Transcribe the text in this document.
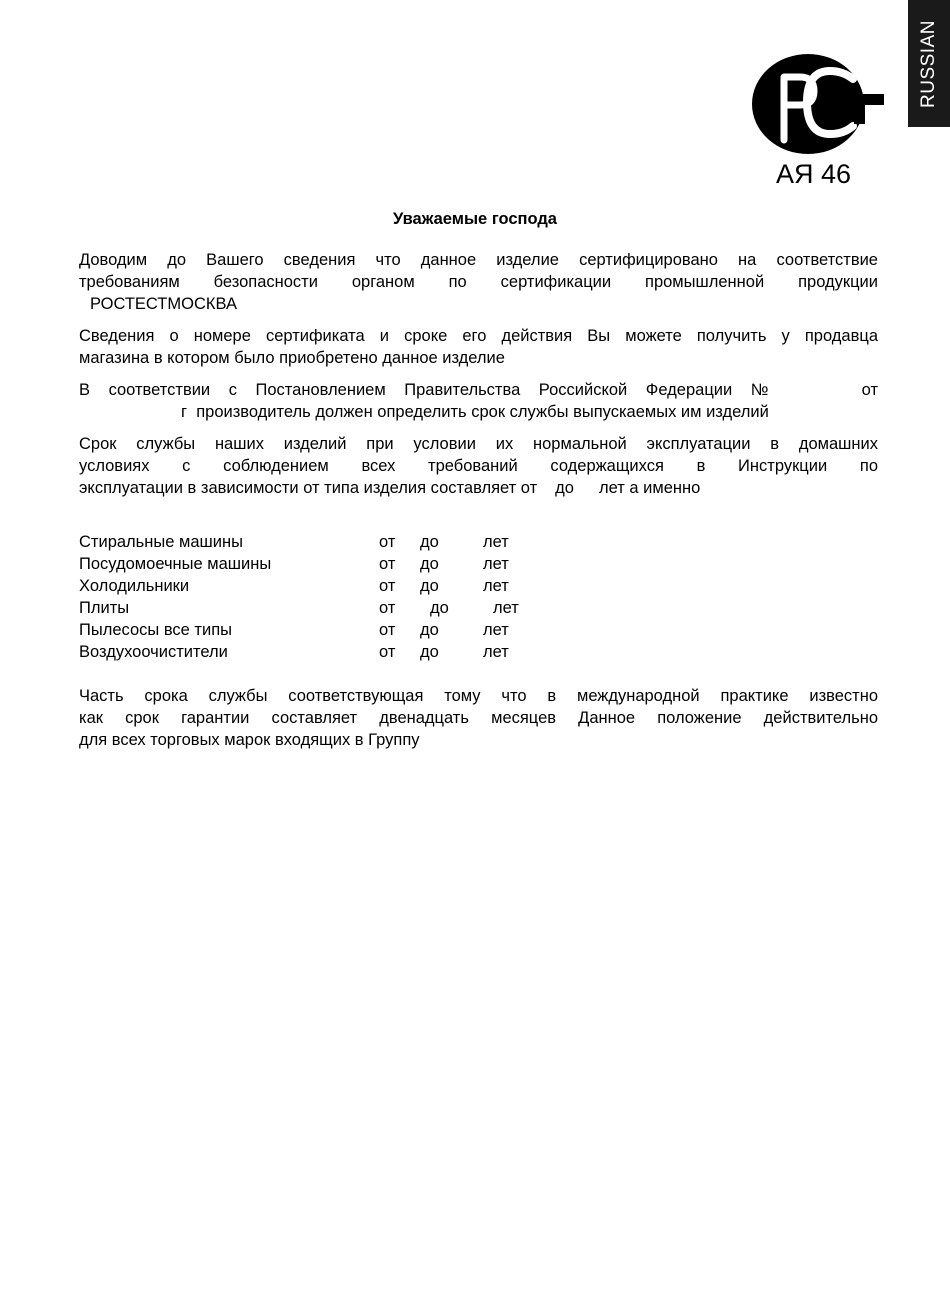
RUSSIAN
АЯ 46
Уважаемые господа
Доводим до Вашего сведения что данное изделие сертифицировано на соответствие
требованиям безопасности органом по сертификации промышленной продукции
РОСТЕСТМОСКВА
Сведения о номере сертификата и сроке его действия Вы можете получить у продавца
магазина в котором было приобретено данное изделие
В соответствии с Постановлением Правительства Российской Федерации №	от
г производитель должен определить срок службы выпускаемых им изделий
Срок службы наших изделий при условии их нормальной эксплуатации в домашних
условиях с соблюдением всех требований содержащихся в Инструкции по
эксплуатации в зависимости от типа изделия составляет от до лет а именно
Стиральные машины	от	до	лет
Посудомоечные машины	от	до	лет
Холодильники	от	до	лет
Плиты	от	до	лет
Пылесосы все типы	от	до	лет
Воздухоочистители	от	до	лет
Часть срока службы соответствующая тому что в международной практике известно
как срок гарантии составляет двенадцать месяцев Данное положение действительно
для всех торговых марок входящих в Группу
